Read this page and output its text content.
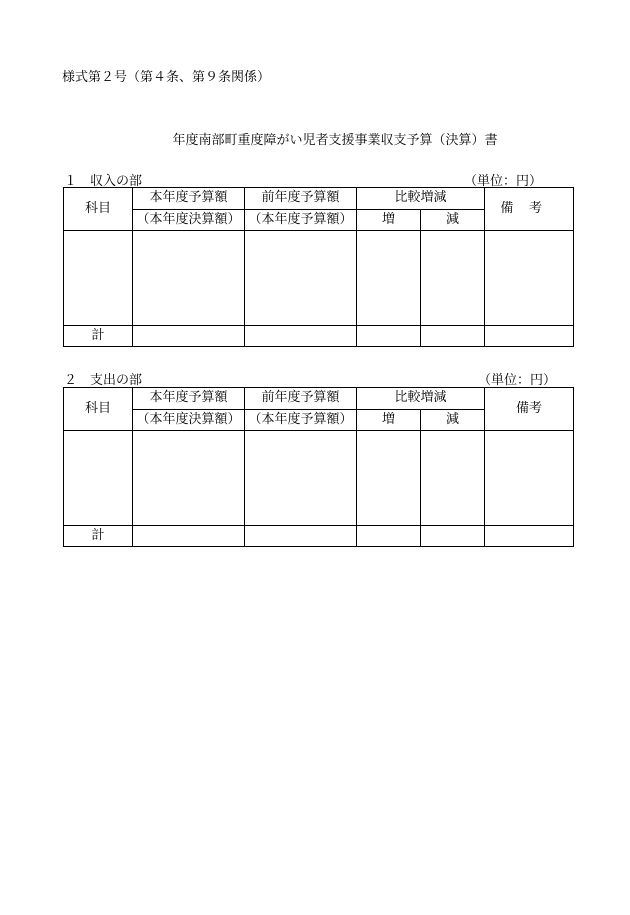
様式第２号（第４条、第９条関係）
年度南部町重度障がい児者支援事業収支予算（決算）書
１　収入の部	（単位：円）
科目	本年度予算額	前年度予算額	比較増減		備考
	（本年度決算額）	（本年度予算額）	増	減	

計					
２　支出の部	（単位：円）
科目	本年度予算額	前年度予算額	比較増減		備考
	（本年度決算額）	（本年度予算額）	増	減	

計					
